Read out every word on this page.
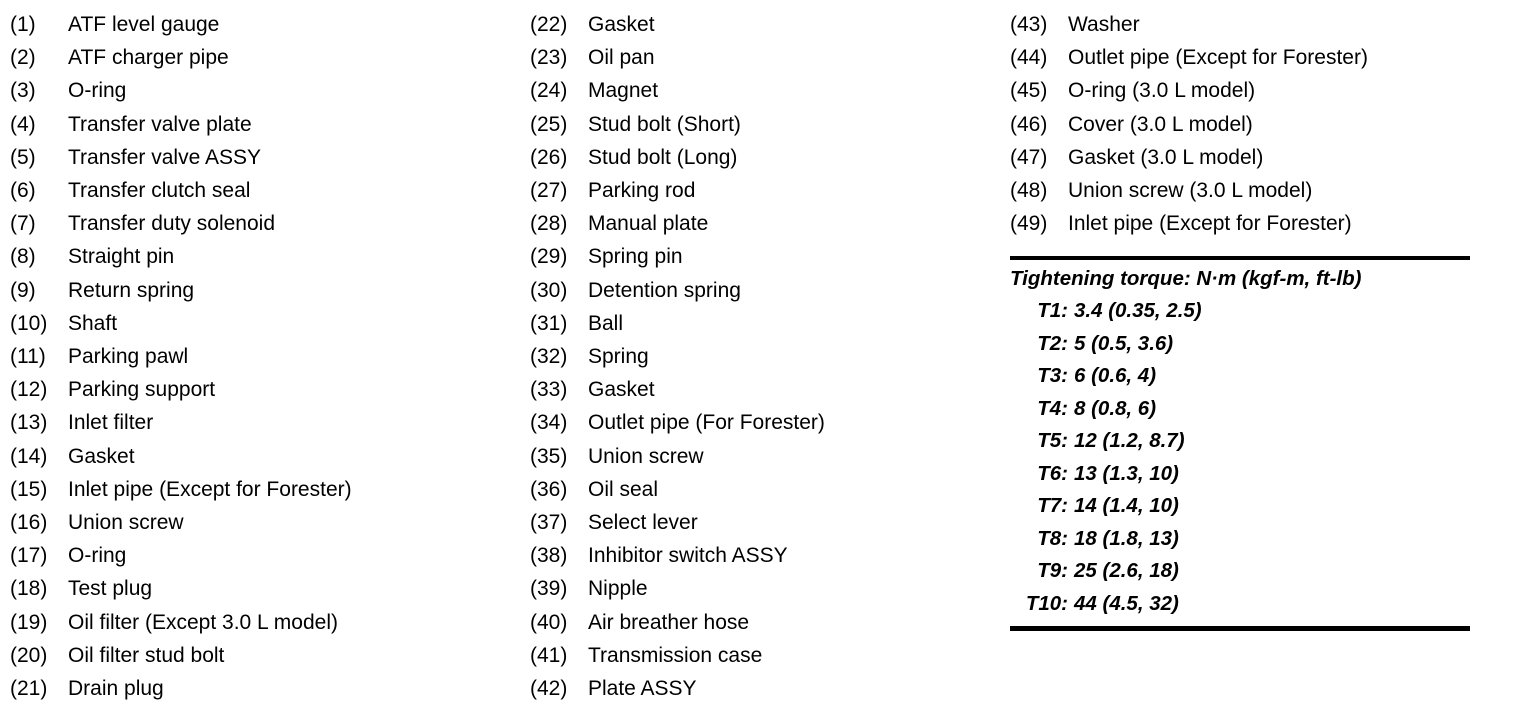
(1)	ATF level gauge
(2)	ATF charger pipe
(3)	O-ring
(4)	Transfer valve plate
(5)	Transfer valve ASSY
(6)	Transfer clutch seal
(7)	Transfer duty solenoid
(8)	Straight pin
(9)	Return spring
(10) Shaft
(11)	Parking pawl
(12) Parking support
(13) Inlet filter
(14) Gasket
(15) Inlet pipe (Except for Forester)
(16) Union screw
(17) O-ring
(18) Test plug
(19) Oil filter (Except 3.0 L model)
(20) Oil filter stud bolt
(21) Drain plug
(22) Gasket
(23) Oil pan
(24) Magnet
(25) Stud bolt (Short)
(26) Stud bolt (Long)
(27) Parking rod
(28) Manual plate
(29) Spring pin
(30) Detention spring
(31) Ball
(32) Spring
(33) Gasket
(34) Outlet pipe (For Forester)
(35) Union screw
(36) Oil seal
(37) Select lever
(38) Inhibitor switch ASSY
(39) Nipple
(40) Air breather hose
(41) Transmission case
(42) Plate ASSY
(43) Washer
(44) Outlet pipe (Except for Forester)
(45) O-ring (3.0 L model)
(46) Cover (3.0 L model)
(47) Gasket (3.0 L model)
(48) Union screw (3.0 L model)
(49) Inlet pipe (Except for Forester)
Tightening torque: N·m (kgf-m, ft-lb)
T1: 3.4 (0.35, 2.5)
T2: 5 (0.5, 3.6)
T3: 6 (0.6, 4)
T4: 8 (0.8, 6)
T5: 12 (1.2, 8.7)
T6: 13 (1.3, 10)
T7: 14 (1.4, 10)
T8: 18 (1.8, 13)
T9: 25 (2.6, 18)
T10: 44 (4.5, 32)
